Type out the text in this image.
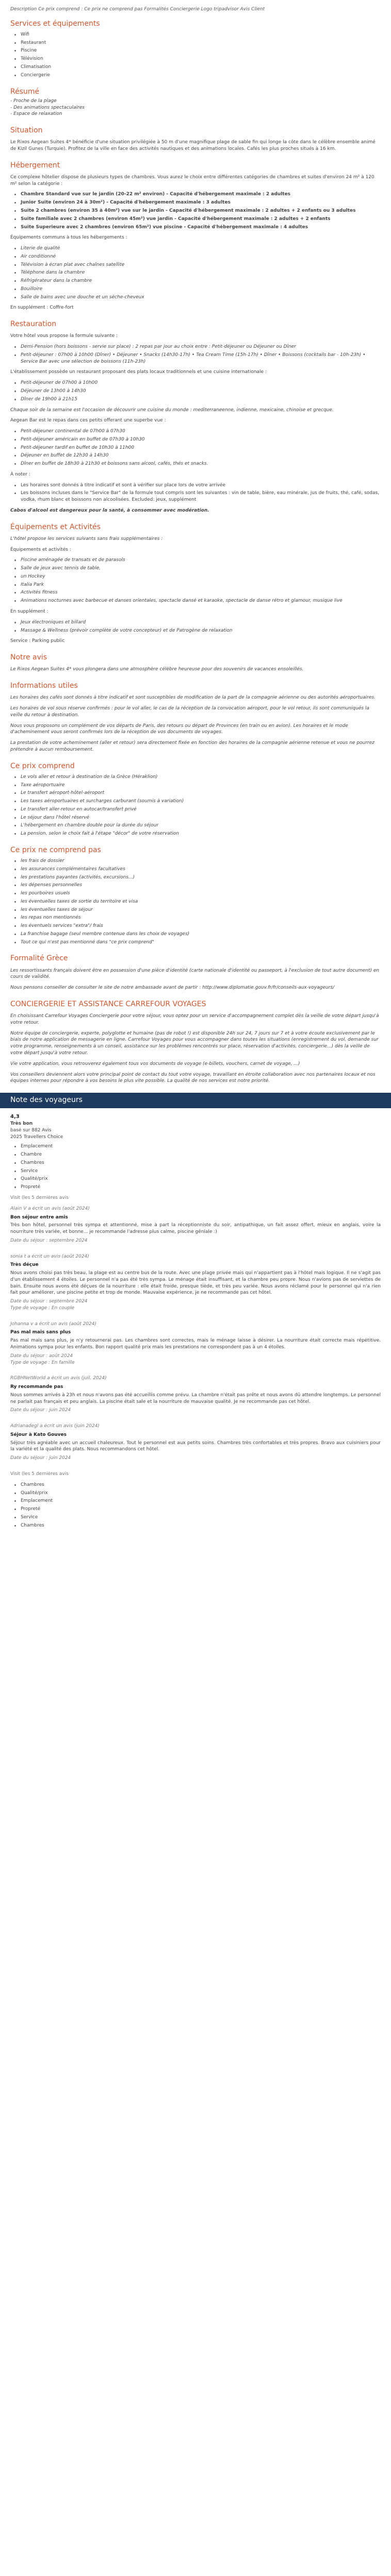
Description Ce prix comprend : Ce prix ne comprend pas Formalités Conciergerie Logo tripadvisor Avis Client

Services et équipements
Wifi
Restaurant
Piscine
Télévision
Climatisation
Conciergerie
Résumé
- Proche de la plage
- Des animations spectaculaires
- Espace de relaxation
Situation

Le Rixos Aegean Suites 4* bénéficie d'une situation privilégiée à 50 m d'une magnifique plage de sable fin qui longe la côte dans le célèbre ensemble animé de Kizil Gunes (Turquie). Profitez de la ville en face des activités nautiques et des animations locales. Cafés les plus proches situés à 16 km.

Hébergement

Ce complexe hôtelier dispose de plusieurs types de chambres. Vous aurez le choix entre différentes catégories de chambres et suites d'environ 24 m² à 120 m² selon la catégorie :

Chambre Standard vue sur le jardin (20-22 m² environ) - Capacité d'hébergement maximale : 2 adultes
Junior Suite (environ 24 à 30m²) - Capacité d'hébergement maximale : 3 adultes
Suite 2 chambres (environ 35 à 40m²) vue sur le jardin - Capacité d'hébergement maximale : 2 adultes + 2 enfants ou 3 adultes
Suite familiale avec 2 chambres (environ 45m²) vue jardin - Capacité d'hébergement maximale : 2 adultes + 2 enfants
Suite Superieure avec 2 chambres (environ 65m²) vue piscine - Capacité d'hébergement maximale : 4 adultes

Équipements communs à tous les hébergements :

Literie de qualité
Air conditionné
Télévision à écran plat avec chaînes satellite
Téléphone dans la chambre
Réfrigérateur dans la chambre
Bouilloire
Salle de bains avec une douche et un sèche-cheveux

En supplément : Coffre-fort

Restauration

Votre hôtel vous propose la formule suivante :

Demi-Pension (hors boissons - servie sur place) : 2 repas par jour au choix entre : Petit-déjeuner ou Déjeuner ou Dîner
Petit-déjeuner : 07h00 à 10h00 (Dîner) • Déjeuner • Snacks (14h30-17h) • Tea Cream Time (15h-17h) • Dîner • Boissons (cocktails bar - 10h-23h) • Service Bar avec une sélection de boissons (11h-23h)

L'établissement possède un restaurant proposant des plats locaux traditionnels et une cuisine internationale :

Petit-déjeuner de 07h00 à 10h00
Déjeuner de 13h00 à 14h30
Dîner de 19h00 à 21h15

Chaque soir de la semaine est l'occasion de découvrir une cuisine du monde : mediterraneenne, indienne, mexicaine, chinoise et grecque.

Aegean Bar est le repas dans ces petits offerant une superbe vue :

Petit-déjeuner continental de 07h00 à 07h30
Petit-déjeuner américain en buffet de 07h30 à 10h30
Petit-déjeuner tardif en buffet de 10h30 à 11h00
Déjeuner en buffet de 12h30 à 14h30
Dîner en buffet de 18h30 à 21h30 et boissons sans alcool, cafés, thés et snacks.

À noter :

Les horaires sont donnés à titre indicatif et sont à vérifier sur place lors de votre arrivée
Les boissons incluses dans le "Service Bar" de la formule tout compris sont les suivantes : vin de table, bière, eau minérale, jus de fruits, thé, café, sodas, vodka, rhum blanc et boissons non alcoolisées. Excluded: jeux, supplément

Cabos d'alcool est dangereux pour la santé, à consommer avec modération.

Équipements et Activités

L'hôtel propose les services suivants sans frais supplémentaires :

Équipements et activités :

Piscine aménagée de transats et de parasols
Salle de jeux avec tennis de table,
un Hockey
Italia Park
Activités fitness
Animations nocturnes avec barbecue et danses orientales, spectacle dansé et karaoke, spectacle de danse rétro et glamour, musique live

En supplément :

Jeux électroniques et billard
Massage & Wellness (prévoir complète de votre concepteur) et de Patrogène de relaxation

Service : Parking public

Notre avis

Le Rixos Aegean Suites 4* vous plongera dans une atmosphère célèbre heureuse pour des souvenirs de vacances ensoleillés.

Informations utiles

Les horaires des cafés sont donnés à titre indicatif et sont susceptibles de modification de la part de la compagnie aérienne ou des autorités aéroportuaires.

Les horaires de vol sous réserve confirmés : pour le vol aller, le cas de la réception de la convocation aéroport, pour le vol retour, ils sont communiqués la veille du retour à destination.

Nous vous proposons un complément de vos départs de Paris, des retours ou départ de Provinces (en train ou en avion). Les horaires et le mode d'acheminement vous seront confirmés lors de la réception de vos documents de voyages.

La prestation de votre acheminement (aller et retour) sera directement fixée en fonction des horaires de la compagnie aérienne retenue et vous ne pourrez prétendre à aucun remboursement.

Ce prix comprend
Le vols aller et retour à destination de la Grèce (Héraklion)
Taxe aéroportuaire
Le transfert aéroport-hôtel-aéroport
Les taxes aéroportuaires et surcharges carburant (soumis à variation)
Le transfert aller-retour en autocar/transfert privé
Le séjour dans l'hôtel réservé
L'hébergement en chambre double pour la durée du séjour
La pension, selon le choix fait à l'étape "décor" de votre réservation
Ce prix ne comprend pas
les frais de dossier
les assurances complémentaires facultatives
les prestations payantes (activités, excursions...)
les dépenses personnelles
les pourboires usuels
les éventuelles taxes de sortie du territoire et visa
les éventuelles taxes de séjour
les repas non mentionnés
les éventuels services "extra"/ frais
La franchise bagage (seul membre contenue dans les choix de voyages)
Tout ce qui n'est pas mentionné dans "ce prix comprend"
Formalité Grèce

Les ressortissants français doivent être en possession d'une pièce d'identité (carte nationale d'identité ou passeport, à l'exclusion de tout autre document) en cours de validité.

Nous pensons conseiller de consulter le site de notre ambassade avant de partir : http://www.diplomatie.gouv.fr/fr/conseils-aux-voyageurs/

CONCIERGERIE ET ASSISTANCE CARREFOUR VOYAGES

En choisissant Carrefour Voyages Conciergerie pour votre séjour, vous optez pour un service d'accompagnement complet dès la veille de votre départ jusqu'à votre retour.

Notre équipe de conciergerie, experte, polyglotte et humaine (pas de robot !) est disponible 24h sur 24, 7 jours sur 7 et à votre écoute exclusivement par le biais de notre application de messagerie en ligne. Carrefour Voyages pour vous accompagner dans toutes les situations (enregistrement du vol, demande sur votre programme, renseignements à un conseil, assistance sur les problèmes rencontrés sur place, réservation d'activités, conciergerie...) dès la veille de votre départ jusqu'à votre retour.

Vie votre application, vous retrouverez également tous vos documents de voyage (e-billets, vouchers, carnet de voyage, ...)

Vos conseillers deviennent alors votre principal point de contact du tout votre voyage, travaillant en étroite collaboration avec nos partenaires locaux et nos équipes internes pour répondre à vos besoins le plus vite possible. La qualité de nos services est notre priorité.

Note des voyageurs
4,3
Très bon
basé sur 882 Avis
2025 Travellers Choice
Emplacement
Chambre
Chambres
Service
Qualité/prix
Propreté

Visit (les 5 dernières avis

Alain V a écrit un avis (août 2024)
Bon séjour entre amis
Très bon hôtel, personnel très sympa et attentionné, mise à part la réceptionniste du soir, antipathique, un fait assez offert, mieux en anglais, voire la nourriture très variée, et bonne... je recommande l'adresse plus calme, piscine géniale :)
Date du séjour : septembre 2024
sonia t a écrit un avis (août 2024)
Très déçue
Nous avons choisi pas très beau, la plage est au centre bus de la route. Avec une plage privée mais qui n'appartient pas à l'hôtel mais logique. Il ne s'agit pas d'un établissement 4 étoiles. Le personnel n'a pas été très sympa. Le ménage était insuffisant, et la chambre peu propre. Nous n'avions pas de serviettes de bain. Ensuite nous avons été déçues de la nourriture : elle était froide, presque tiède, et très peu variée. Nous avons réclamé pour le personnel qui n'a rien fait pour améliorer, une piscine petite et trop de monde. Mauvaise expérience, je ne recommande pas cet hôtel.
Date du séjour : septembre 2024
Type de voyage : En couple
Johanna v a écrit un avis (août 2024)
Pas mal mais sans plus
Pas mal mais sans plus, je n'y retournerai pas. Les chambres sont correctes, mais le ménage laisse à désirer. La nourriture était correcte mais répétitive. Animations sympa pour les enfants. Bon rapport qualité prix mais les prestations ne correspondent pas à un 4 étoiles.
Date du séjour : août 2024
Type de voyage : En famille
RGBHNetWorld a écrit un avis (juil. 2024)
Ry recommande pas
Nous sommes arrivés à 23h et nous n'avons pas été accueillis comme prévu. La chambre n'était pas prête et nous avons dû attendre longtemps. Le personnel ne parlait pas français et peu anglais. La piscine était sale et la nourriture de mauvaise qualité. Je ne recommande pas cet hôtel.
Date du séjour : juin 2024
Adrianadegl a écrit un avis (juin 2024)
Séjour à Kato Gouves
Séjour très agréable avec un accueil chaleureux. Tout le personnel est aux petits soins. Chambres très confortables et très propres. Bravo aux cuisiniers pour la variété et la qualité des plats. Nous recommandons cet hôtel.
Date du séjour : juin 2024

Visit (les 5 dernières avis

Chambres
Qualité/prix
Emplacement
Propreté
Service
Chambres
